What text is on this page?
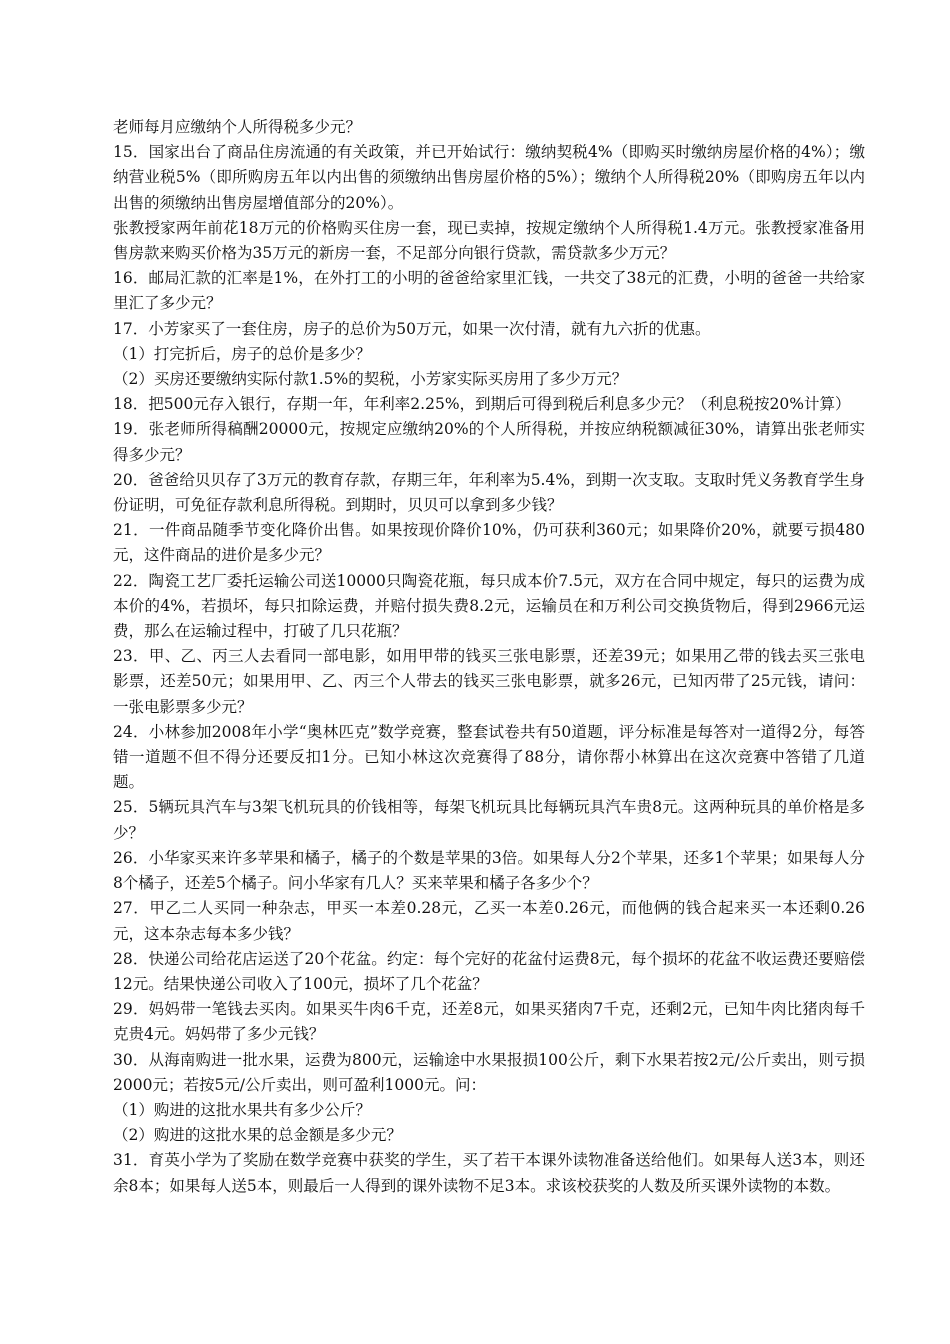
老师每月应缴纳个人所得税多少元？

15．国家出台了商品住房流通的有关政策，并已开始试行：缴纳契税4%（即购买时缴纳房屋价格的4%）；缴纳营业税5%（即所购房五年以内出售的须缴纳出售房屋价格的5%）；缴纳个人所得税20%（即购房五年以内出售的须缴纳出售房屋增值部分的20%）。

张教授家两年前花18万元的价格购买住房一套，现已卖掉，按规定缴纳个人所得税1.4万元。张教授家准备用售房款来购买价格为35万元的新房一套，不足部分向银行贷款，需贷款多少万元？

16．邮局汇款的汇率是1%，在外打工的小明的爸爸给家里汇钱，一共交了38元的汇费，小明的爸爸一共给家里汇了多少元？

17．小芳家买了一套住房，房子的总价为50万元，如果一次付清，就有九六折的优惠。

（1）打完折后，房子的总价是多少？

（2）买房还要缴纳实际付款1.5%的契税，小芳家实际买房用了多少万元？

18．把500元存入银行，存期一年，年利率2.25%，到期后可得到税后利息多少元？（利息税按20%计算）

19．张老师所得稿酬20000元，按规定应缴纳20%的个人所得税，并按应纳税额减征30%，请算出张老师实得多少元？

20．爸爸给贝贝存了3万元的教育存款，存期三年，年利率为5.4%，到期一次支取。支取时凭义务教育学生身份证明，可免征存款利息所得税。到期时，贝贝可以拿到多少钱？

21．一件商品随季节变化降价出售。如果按现价降价10%，仍可获利360元；如果降价20%，就要亏损480元，这件商品的进价是多少元？

22．陶瓷工艺厂委托运输公司送10000只陶瓷花瓶，每只成本价7.5元，双方在合同中规定，每只的运费为成本价的4%，若损坏，每只扣除运费，并赔付损失费8.2元，运输员在和万利公司交换货物后，得到2966元运费，那么在运输过程中，打破了几只花瓶？

23．甲、乙、丙三人去看同一部电影，如用甲带的钱买三张电影票，还差39元；如果用乙带的钱去买三张电影票，还差50元；如果用甲、乙、丙三个人带去的钱买三张电影票，就多26元，已知丙带了25元钱，请问：一张电影票多少元？

24．小林参加2008年小学“奥林匹克”数学竞赛，整套试卷共有50道题，评分标准是每答对一道得2分，每答错一道题不但不得分还要反扣1分。已知小林这次竞赛得了88分，请你帮小林算出在这次竞赛中答错了几道题。

25．5辆玩具汽车与3架飞机玩具的价钱相等，每架飞机玩具比每辆玩具汽车贵8元。这两种玩具的单价格是多少？

26．小华家买来许多苹果和橘子，橘子的个数是苹果的3倍。如果每人分2个苹果，还多1个苹果；如果每人分8个橘子，还差5个橘子。问小华家有几人？买来苹果和橘子各多少个？

27．甲乙二人买同一种杂志，甲买一本差0.28元，乙买一本差0.26元，而他俩的钱合起来买一本还剩0.26元，这本杂志每本多少钱？

28．快递公司给花店运送了20个花盆。约定：每个完好的花盆付运费8元，每个损坏的花盆不收运费还要赔偿12元。结果快递公司收入了100元，损坏了几个花盆？

29．妈妈带一笔钱去买肉。如果买牛肉6千克，还差8元，如果买猪肉7千克，还剩2元，已知牛肉比猪肉每千克贵4元。妈妈带了多少元钱？

30．从海南购进一批水果，运费为800元，运输途中水果报损100公斤，剩下水果若按2元/公斤卖出，则亏损2000元；若按5元/公斤卖出，则可盈利1000元。问：

（1）购进的这批水果共有多少公斤？

（2）购进的这批水果的总金额是多少元？

31．育英小学为了奖励在数学竞赛中获奖的学生，买了若干本课外读物准备送给他们。如果每人送3本，则还余8本；如果每人送5本，则最后一人得到的课外读物不足3本。求该校获奖的人数及所买课外读物的本数。
